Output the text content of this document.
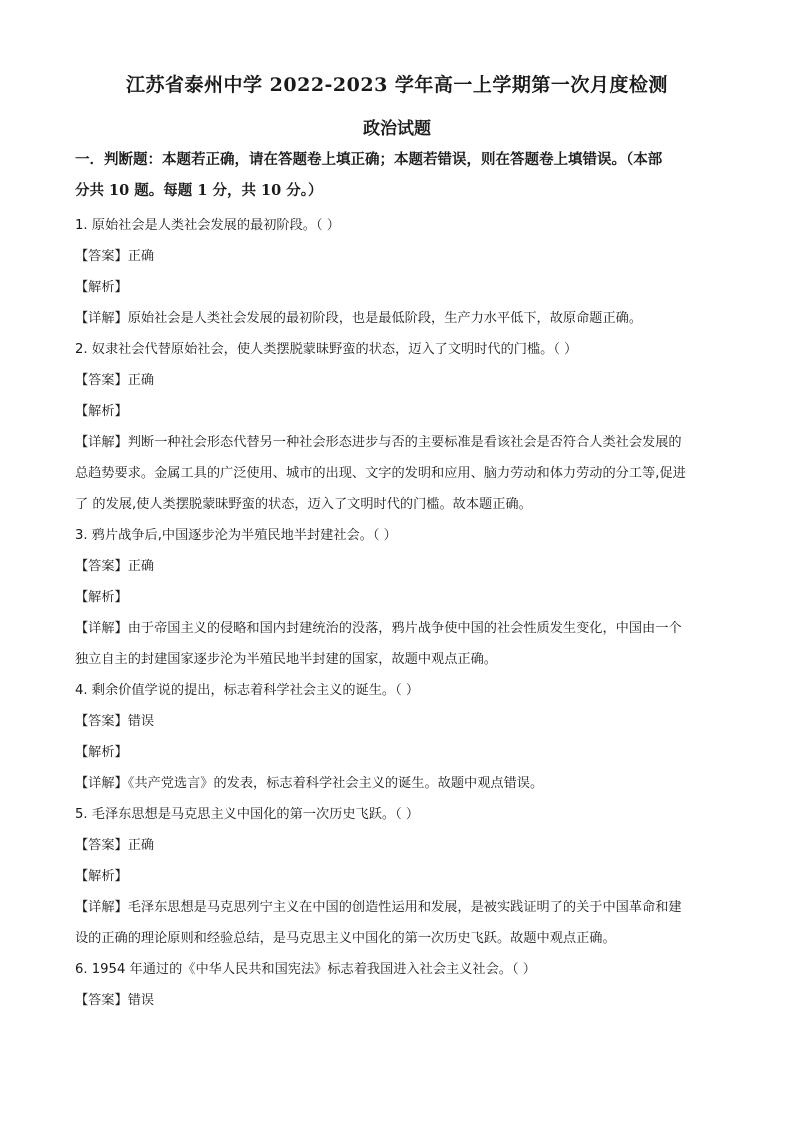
江苏省泰州中学 2022-2023 学年高一上学期第一次月度检测
政治试题
一．判断题：本题若正确，请在答题卷上填正确；本题若错误，则在答题卷上填错误。（本部
分共 10 题。每题 1 分，共 10 分。）
1. 原始社会是人类社会发展的最初阶段。（ ）
【答案】正确
【解析】
【详解】原始社会是人类社会发展的最初阶段，也是最低阶段，生产力水平低下，故原命题正确。
2. 奴隶社会代替原始社会，使人类摆脱蒙昧野蛮的状态，迈入了文明时代的门槛。（ ）
【答案】正确
【解析】
【详解】判断一种社会形态代替另一种社会形态进步与否的主要标准是看该社会是否符合人类社会发展的
总趋势要求。金属工具的广泛使用、城市的出现、文字的发明和应用、脑力劳动和体力劳动的分工等,促进
了 的发展,使人类摆脱蒙昧野蛮的状态，迈入了文明时代的门槛。故本题正确。
3. 鸦片战争后,中国逐步沦为半殖民地半封建社会。（ ）
【答案】正确
【解析】
【详解】由于帝国主义的侵略和国内封建统治的没落，鸦片战争使中国的社会性质发生变化，中国由一个
独立自主的封建国家逐步沦为半殖民地半封建的国家，故题中观点正确。
4. 剩余价值学说的提出，标志着科学社会主义的诞生。（ ）
【答案】错误
【解析】
【详解】《共产党选言》的发表，标志着科学社会主义的诞生。故题中观点错误。
5. 毛泽东思想是马克思主义中国化的第一次历史飞跃。（ ）
【答案】正确
【解析】
【详解】毛泽东思想是马克思列宁主义在中国的创造性运用和发展，是被实践证明了的关于中国革命和建
设的正确的理论原则和经验总结，是马克思主义中国化的第一次历史飞跃。故题中观点正确。
6. 1954 年通过的《中华人民共和国宪法》标志着我国进入社会主义社会。（ ）
【答案】错误
